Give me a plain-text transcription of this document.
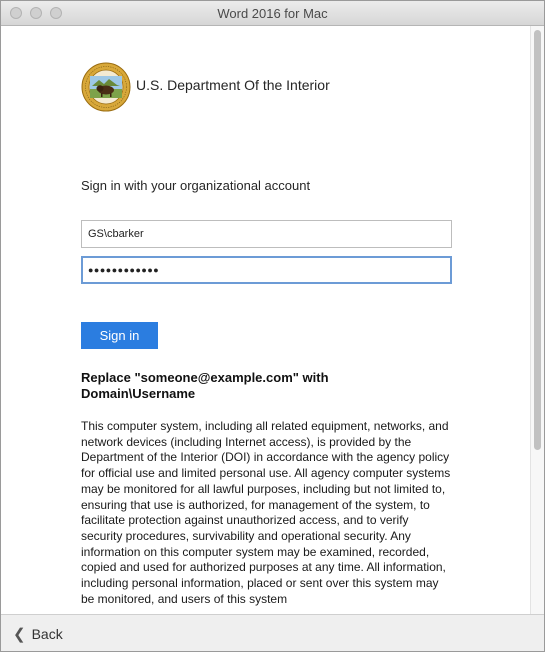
Word 2016 for Mac
U.S. Department Of the Interior
Sign in with your organizational account
GS\cbarker
●●●●●●●●●●●●
Sign in
Replace "someone@example.com" with Domain\Username

This computer system, including all related equipment, networks, and network devices (including Internet access), is provided by the Department of the Interior (DOI) in accordance with the agency policy for official use and limited personal use. All agency computer systems may be monitored for all lawful purposes, including but not limited to, ensuring that use is authorized, for management of the system, to facilitate protection against unauthorized access, and to verify security procedures, survivability and operational security. Any information on this computer system may be examined, recorded, copied and used for authorized purposes at any time. All information, including personal information, placed or sent over this system may be monitored, and users of this system

❮ Back
